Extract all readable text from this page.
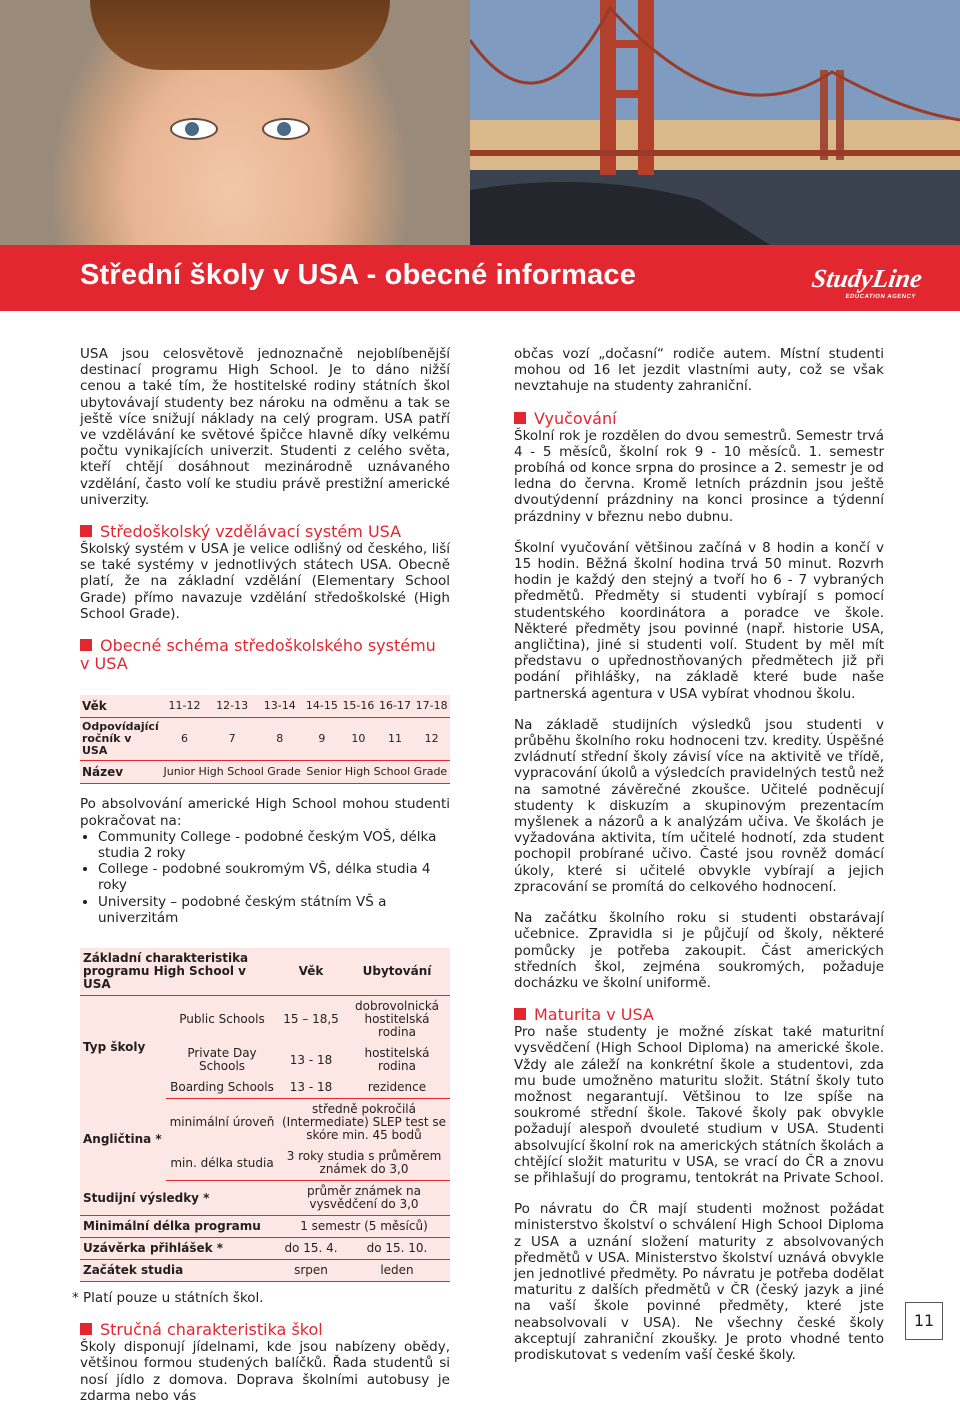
Střední školy v USA - obecné informace	StudyLine
EDUCATION AGENCY

USA jsou celosvětově jednoznačně nejoblíbenější destinací programu High School. Je to dáno nižší cenou a také tím, že hostitelské rodiny státních škol ubytovávají studenty bez nároku na odměnu a tak se ještě více snižují náklady na celý program. USA patří ve vzdělávání ke světové špičce hlavně díky velkému počtu vynikajících univerzit. Studenti z celého světa, kteří chtějí dosáhnout mezinárodně uznávaného vzdělání, často volí ke studiu právě prestižní americké univerzity.

Středoškolský vzdělávací systém USA

Školský systém v USA je velice odlišný od českého, liší se také systémy v jednotlivých státech USA. Obecně platí, že na základní vzdělání (Elementary School Grade) přímo navazuje vzdělání středoškolské (High School Grade).

Obecné schéma středoškolského systému v USA
Věk	11-12	12-13	13-14	14-15	15-16	16-17	17-18
Odpovídající ročník v USA	6	7	8	9	10	11	12
Název	Junior High School Grade			Senior High School Grade			

Po absolvování americké High School mohou studenti pokračovat na:

• Community College - podobné českým VOŠ, délka studia 2 roky
• College - podobné soukromým VŠ, délka studia 4 roky
• University – podobné českým státním VŠ a univerzitám
Základní charakteristika programu High School v USA		Věk	Ubytování
Typ školy	Public Schools	15 – 18,5	dobrovolnická hostitelská rodina
	Private Day Schools	13 - 18	hostitelská rodina
	Boarding Schools	13 - 18	rezidence
Angličtina *	minimální úroveň	středně pokročilá (Intermediate) SLEP test se skóre min. 45 bodů	
	min. délka studia	3 roky studia s průměrem známek do 3,0	
Studijní výsledky *		průměr známek na vysvědčení do 3,0	
Minimální délka programu		1 semestr (5 měsíců)	
Uzávěrka přihlášek *		do 15. 4.	do 15. 10.
Začátek studia		srpen	leden

* Platí pouze u státních škol.

Stručná charakteristika škol

Školy disponují jídelnami, kde jsou nabízeny obědy, většinou formou studených balíčků. Řada studentů si nosí jídlo z domova. Doprava školními autobusy je zdarma nebo vás

občas vozí „dočasní“ rodiče autem. Místní studenti mohou od 16 let jezdit vlastními auty, což se však nevztahuje na studenty zahraniční.

Vyučování

Školní rok je rozdělen do dvou semestrů. Semestr trvá 4 - 5 měsíců, školní rok 9 - 10 měsíců. 1. semestr probíhá od konce srpna do prosince a 2. semestr je od ledna do června. Kromě letních prázdnin jsou ještě dvoutýdenní prázdniny na konci prosince a týdenní prázdniny v březnu nebo dubnu.

Školní vyučování většinou začíná v 8 hodin a končí v 15 hodin. Běžná školní hodina trvá 50 minut. Rozvrh hodin je každý den stejný a tvoří ho 6 - 7 vybraných předmětů. Předměty si studenti vybírají s pomocí studentského koordinátora a poradce ve škole. Některé předměty jsou povinné (např. historie USA, angličtina), jiné si studenti volí. Student by měl mít představu o upřednostňovaných předmětech již při podání přihlášky, na základě které bude naše partnerská agentura v USA vybírat vhodnou školu.

Na základě studijních výsledků jsou studenti v průběhu školního roku hodnoceni tzv. kredity. Úspěšné zvládnutí střední školy závisí více na aktivitě ve třídě, vypracování úkolů a výsledcích pravidelných testů než na samotné závěrečné zkoušce. Učitelé podněcují studenty k diskuzím a skupinovým prezentacím myšlenek a názorů a k analýzám učiva. Ve školách je vyžadována aktivita, tím učitelé hodnotí, zda student pochopil probírané učivo. Časté jsou rovněž domácí úkoly, které si učitelé obvykle vybírají a jejich zpracování se promítá do celkového hodnocení.

Na začátku školního roku si studenti obstarávají učebnice. Zpravidla si je půjčují od školy, některé pomůcky je potřeba zakoupit. Část amerických středních škol, zejména soukromých, požaduje docházku ve školní uniformě.

Maturita v USA

Pro naše studenty je možné získat také maturitní vysvědčení (High School Diploma) na americké škole. Vždy ale záleží na konkrétní škole a studentovi, zda mu bude umožněno maturitu složit. Státní školy tuto možnost negarantují. Většinou to lze spíše na soukromé střední škole. Takové školy pak obvykle požadují alespoň dvouleté studium v USA. Studenti absolvující školní rok na amerických státních školách a chtějící složit maturitu v USA, se vrací do ČR a znovu se přihlašují do programu, tentokrát na Private School.

Po návratu do ČR mají studenti možnost požádat ministerstvo školství o schválení High School Diploma z USA a uznání složení maturity z absolvovaných předmětů v USA. Ministerstvo školství uznává obvykle jen jednotlivé předměty. Po návratu je potřeba dodělat maturitu z dalších předmětů v ČR (český jazyk a jiné na vaší škole povinné předměty, které jste neabsolvovali v USA). Ne všechny české školy akceptují zahraniční zkoušky. Je proto vhodné tento prodiskutovat s vedením vaší české školy.

11
